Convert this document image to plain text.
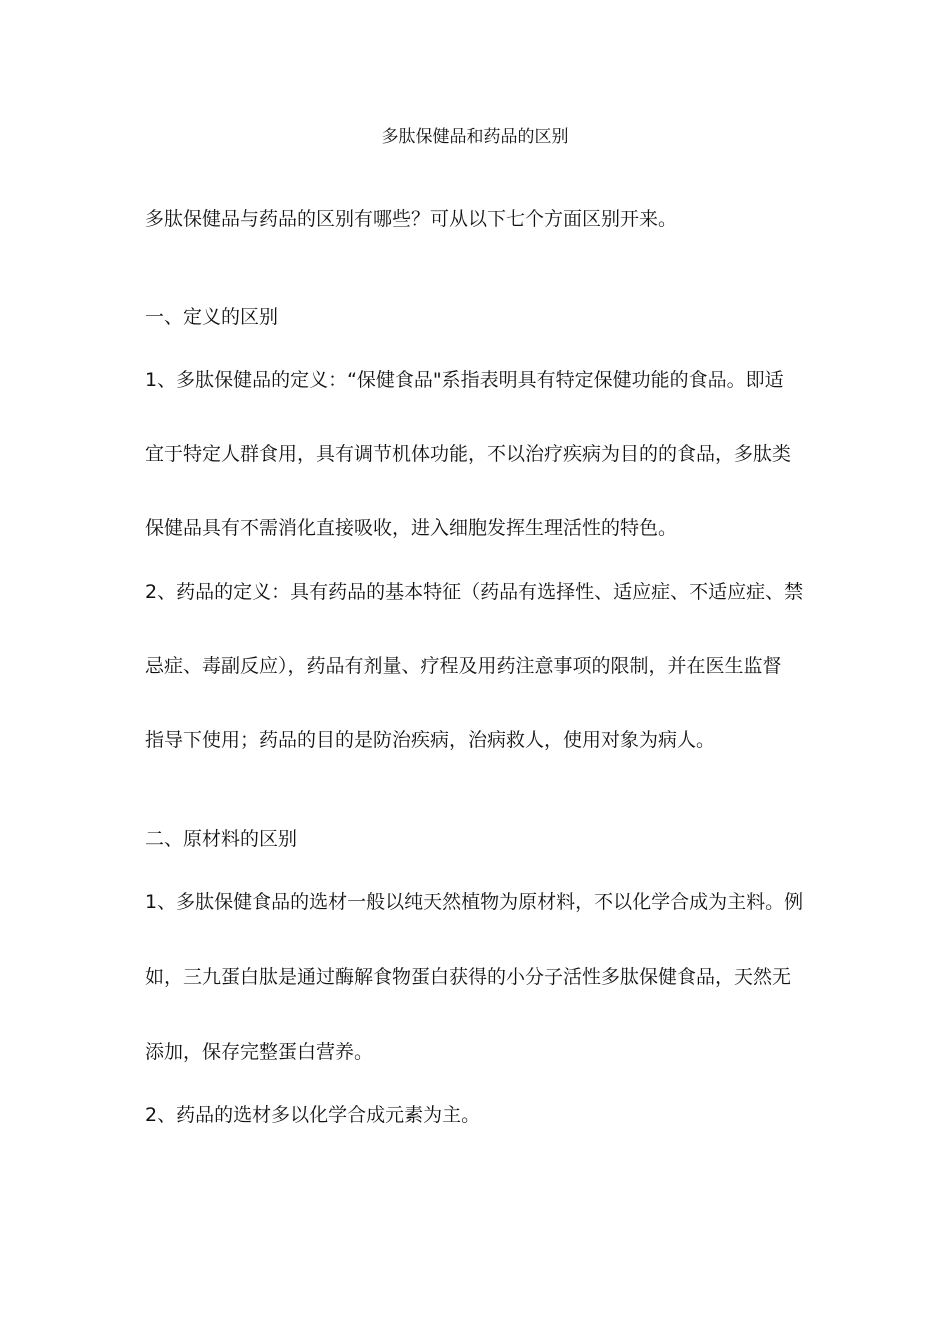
多肽保健品和药品的区别
多肽保健品与药品的区别有哪些？可从以下七个方面区别开来。
一、定义的区别
1、多肽保健品的定义：“保健食品"系指表明具有特定保健功能的食品。即适
宜于特定人群食用，具有调节机体功能，不以治疗疾病为目的的食品，多肽类
保健品具有不需消化直接吸收，进入细胞发挥生理活性的特色。
2、药品的定义：具有药品的基本特征（药品有选择性、适应症、不适应症、禁
忌症、毒副反应），药品有剂量、疗程及用药注意事项的限制，并在医生监督
指导下使用；药品的目的是防治疾病，治病救人，使用对象为病人。
二、原材料的区别
1、多肽保健食品的选材一般以纯天然植物为原材料，不以化学合成为主料。例
如，三九蛋白肽是通过酶解食物蛋白获得的小分子活性多肽保健食品，天然无
添加，保存完整蛋白营养。
2、药品的选材多以化学合成元素为主。
